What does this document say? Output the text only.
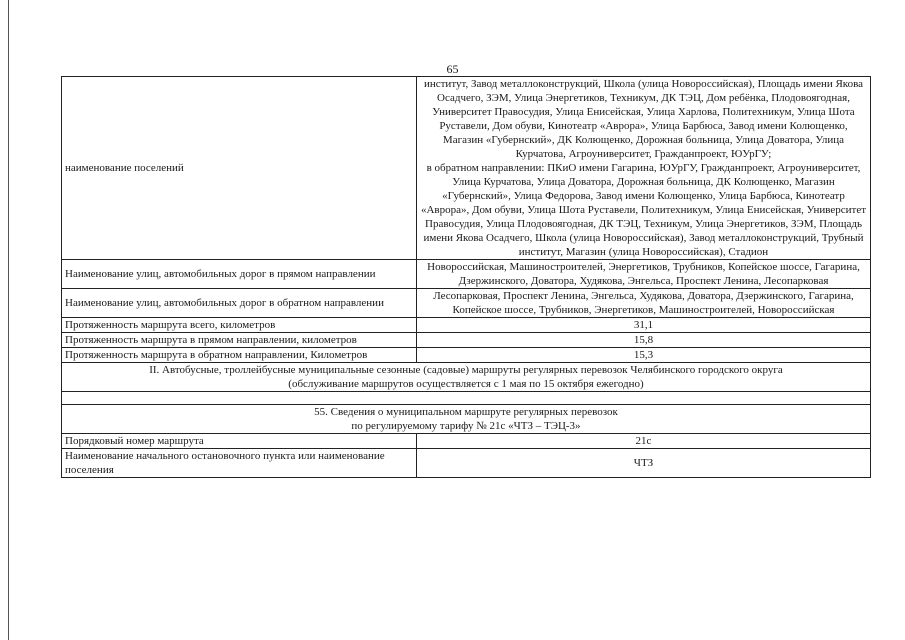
65
наименование поселений	институт, Завод металлоконструкций, Школа (улица Новороссийская), Площадь имени Якова Осадчего, ЗЭМ, Улица Энергетиков, Техникум, ДК ТЭЦ, Дом ребёнка, Плодовоягодная, Университет Правосудия, Улица Енисейская, Улица Харлова, Политехникум, Улица Шота Руставели, Дом обуви, Кинотеатр «Аврора», Улица Барбюса, Завод имени Колющенко, Магазин «Губернский», ДК Колющенко, Дорожная больница, Улица Доватора, Улица Курчатова, Агроуниверситет, Гражданпроект, ЮУрГУ;
в обратном направлении: ПКиО имени Гагарина, ЮУрГУ, Гражданпроект, Агроуниверситет, Улица Курчатова, Улица Доватора, Дорожная больница, ДК Колющенко, Магазин «Губернский», Улица Федорова, Завод имени Колющенко, Улица Барбюса, Кинотеатр «Аврора», Дом обуви, Улица Шота Руставели, Политехникум, Улица Енисейская, Университет Правосудия, Улица Плодовоягодная, ДК ТЭЦ, Техникум, Улица Энергетиков, ЗЭМ, Площадь имени Якова Осадчего, Школа (улица Новороссийская), Завод металлоконструкций, Трубный институт, Магазин (улица Новороссийская), Стадион

Наименование улиц, автомобильных дорог в прямом направлении	Новороссийская, Машиностроителей, Энергетиков, Трубников, Копейское шоссе, Гагарина, Дзержинского, Доватора, Худякова, Энгельса, Проспект Ленина, Лесопарковая
Наименование улиц, автомобильных дорог в обратном направлении	Лесопарковая, Проспект Ленина, Энгельса, Худякова, Доватора, Дзержинского, Гагарина, Копейское шоссе, Трубников, Энергетиков, Машиностроителей, Новороссийская
Протяженность маршрута всего, километров	31,1
Протяженность маршрута в прямом направлении, километров	15,8
Протяженность маршрута в обратном направлении, Километров	15,3

II. Автобусные, троллейбусные муниципальные сезонные (садовые) маршруты регулярных перевозок Челябинского городского округа
(обслуживание маршрутов осуществляется с 1 мая по 15 октября ежегодно)	

55. Сведения о муниципальном маршруте регулярных перевозок
по регулируемому тарифу № 21с «ЧТЗ – ТЭЦ-3»	

Порядковый номер маршрута	21с
Наименование начального остановочного пункта или наименование поселения	ЧТЗ
